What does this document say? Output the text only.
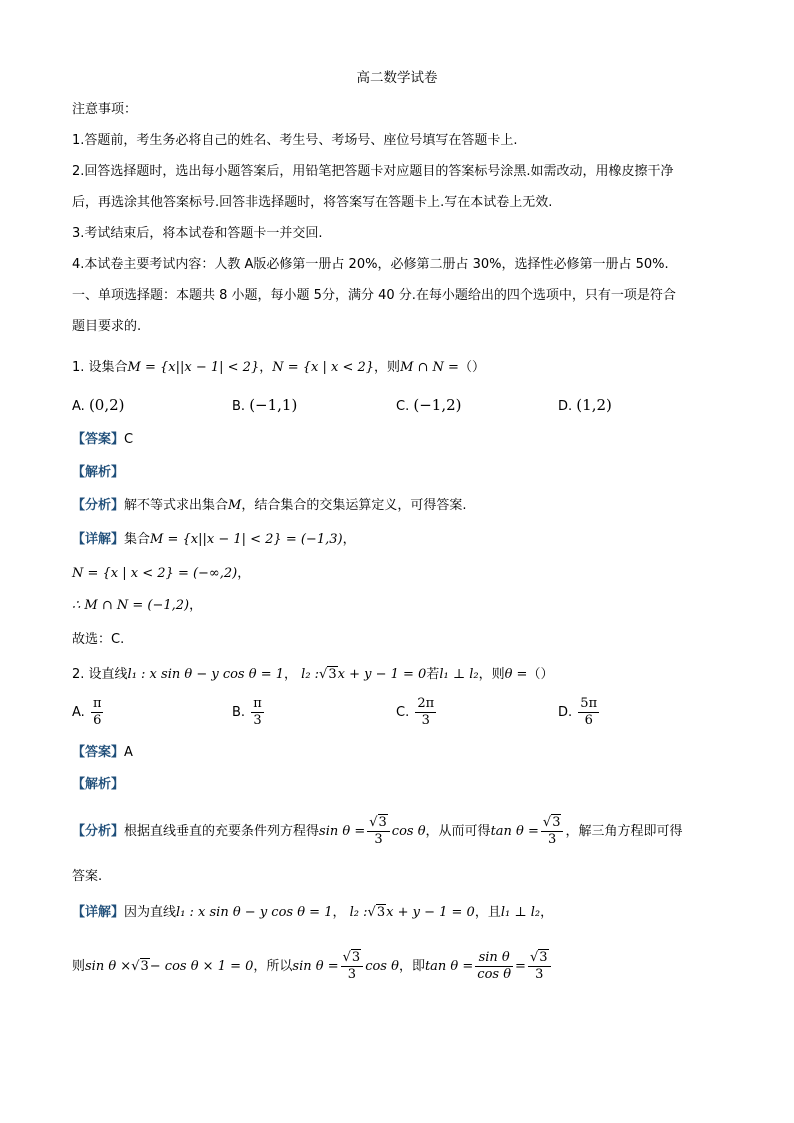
高二数学试卷
注意事项：
1.答题前，考生务必将自己的姓名、考生号、考场号、座位号填写在答题卡上.
2.回答选择题时，选出每小题答案后，用铅笔把答题卡对应题目的答案标号涂黑.如需改动，用橡皮擦干净
后，再选涂其他答案标号.回答非选择题时，将答案写在答题卡上.写在本试卷上无效.
3.考试结束后，将本试卷和答题卡一并交回.
4.本试卷主要考试内容：人教 A版必修第一册占 20%，必修第二册占 30%，选择性必修第一册占 50%.
一、单项选择题：本题共 8 小题，每小题 5分，满分 40 分.在每小题给出的四个选项中，只有一项是符合
题目要求的.
1. 设集合M = {x||x − 1| < 2}，N = {x | x < 2}，则M ∩ N =（）
A. (0,2)	B. (−1,1)	C. (−1,2)	D. (1,2)
【答案】C
【解析】
【分析】解不等式求出集合M，结合集合的交集运算定义，可得答案.
【详解】集合M = {x||x − 1| < 2} = (−1,3)，
N = {x | x < 2} = (−∞,2)，
∴ M ∩ N = (−1,2)，
故选：C.
2. 设直线l₁ : x sin θ − y cos θ = 1， l₂ :√3x + y − 1 = 0若l₁ ⊥ l₂，则θ =（）
A. $\frac{\pi}{6}$	B. $\frac{\pi}{3}$	C. $\frac{2\pi}{3}$	D. $\frac{5\pi}{6}$
【答案】A
【解析】
【分析】根据直线垂直的充要条件列方程得$\sin \theta = \frac{√3}{3}$ cos θ，从而可得$\tan \theta = \frac{√3}{3}$ ，解三角方程即可得
答案.
【详解】因为直线l₁ : x sin θ − y cos θ = 1， l₂ :√3x + y − 1 = 0，且l₁ ⊥ l₂，
则sin θ ×√3− cos θ × 1 = 0，所以$\sin \theta = \frac{√3}{3}$ cos θ，即$\tan \theta = \frac{\text{sin θ}}{\text{cos θ}} = \frac{√3}{3}$
